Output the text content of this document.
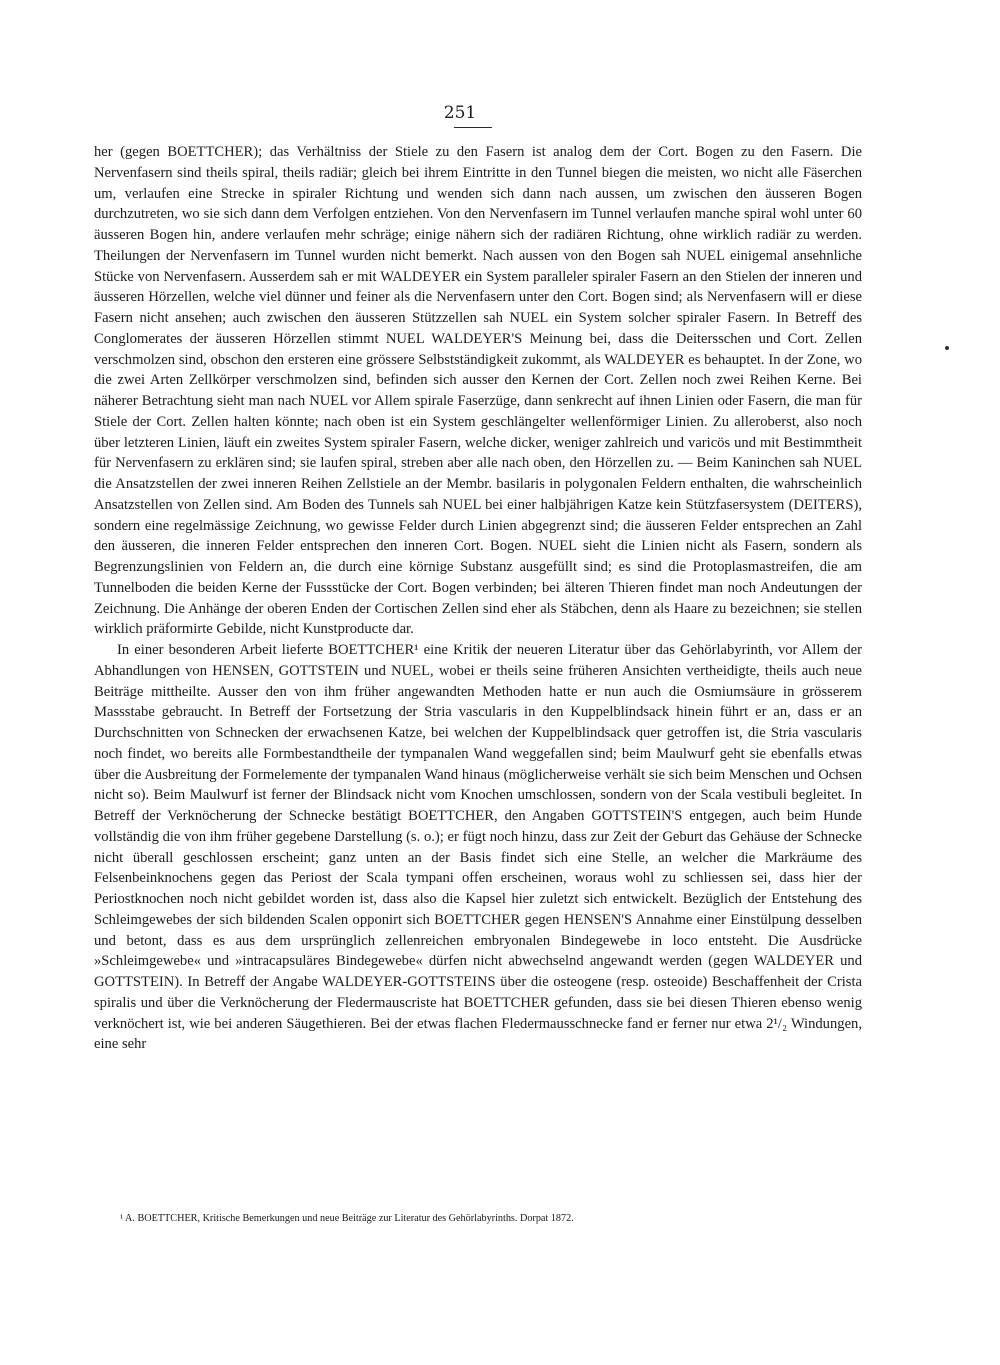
251

her (gegen BOETTCHER); das Verhältniss der Stiele zu den Fasern ist analog dem der Cort. Bogen zu den Fasern. Die Nervenfasern sind theils spiral, theils radiär; gleich bei ihrem Eintritte in den Tunnel biegen die meisten, wo nicht alle Fäserchen um, verlaufen eine Strecke in spiraler Richtung und wenden sich dann nach aussen, um zwischen den äusseren Bogen durchzutreten, wo sie sich dann dem Verfolgen entziehen. Von den Nervenfasern im Tunnel verlaufen manche spiral wohl unter 60 äusseren Bogen hin, andere verlaufen mehr schräge; einige nähern sich der radiären Richtung, ohne wirklich radiär zu werden. Theilungen der Nervenfasern im Tunnel wurden nicht bemerkt. Nach aussen von den Bogen sah NUEL einigemal ansehnliche Stücke von Nervenfasern. Ausserdem sah er mit WALDEYER ein System paralleler spiraler Fasern an den Stielen der inneren und äusseren Hörzellen, welche viel dünner und feiner als die Nervenfasern unter den Cort. Bogen sind; als Nervenfasern will er diese Fasern nicht ansehen; auch zwischen den äusseren Stützzellen sah NUEL ein System solcher spiraler Fasern. In Betreff des Conglomerates der äusseren Hörzellen stimmt NUEL WALDEYER'S Meinung bei, dass die Deitersschen und Cort. Zellen verschmolzen sind, obschon den ersteren eine grössere Selbstständigkeit zukommt, als WALDEYER es behauptet. In der Zone, wo die zwei Arten Zellkörper verschmolzen sind, befinden sich ausser den Kernen der Cort. Zellen noch zwei Reihen Kerne. Bei näherer Betrachtung sieht man nach NUEL vor Allem spirale Faserzüge, dann senkrecht auf ihnen Linien oder Fasern, die man für Stiele der Cort. Zellen halten könnte; nach oben ist ein System geschlängelter wellenförmiger Linien. Zu alleroberst, also noch über letzteren Linien, läuft ein zweites System spiraler Fasern, welche dicker, weniger zahlreich und varicös und mit Bestimmtheit für Nervenfasern zu erklären sind; sie laufen spiral, streben aber alle nach oben, den Hörzellen zu. — Beim Kaninchen sah NUEL die Ansatzstellen der zwei inneren Reihen Zellstiele an der Membr. basilaris in polygonalen Feldern enthalten, die wahrscheinlich Ansatzstellen von Zellen sind. Am Boden des Tunnels sah NUEL bei einer halbjährigen Katze kein Stützfasersystem (DEITERS), sondern eine regelmässige Zeichnung, wo gewisse Felder durch Linien abgegrenzt sind; die äusseren Felder entsprechen an Zahl den äusseren, die inneren Felder entsprechen den inneren Cort. Bogen. NUEL sieht die Linien nicht als Fasern, sondern als Begrenzungslinien von Feldern an, die durch eine körnige Substanz ausgefüllt sind; es sind die Protoplasmastreifen, die am Tunnelboden die beiden Kerne der Fussstücke der Cort. Bogen verbinden; bei älteren Thieren findet man noch Andeutungen der Zeichnung. Die Anhänge der oberen Enden der Cortischen Zellen sind eher als Stäbchen, denn als Haare zu bezeichnen; sie stellen wirklich präformirte Gebilde, nicht Kunstproducte dar.

In einer besonderen Arbeit lieferte BOETTCHER¹ eine Kritik der neueren Literatur über das Gehörlabyrinth, vor Allem der Abhandlungen von HENSEN, GOTTSTEIN und NUEL, wobei er theils seine früheren Ansichten vertheidigte, theils auch neue Beiträge mittheilte. Ausser den von ihm früher angewandten Methoden hatte er nun auch die Osmiumsäure in grösserem Massstabe gebraucht. In Betreff der Fortsetzung der Stria vascularis in den Kuppelblindsack hinein führt er an, dass er an Durchschnitten von Schnecken der erwachsenen Katze, bei welchen der Kuppelblindsack quer getroffen ist, die Stria vascularis noch findet, wo bereits alle Formbestandtheile der tympanalen Wand weggefallen sind; beim Maulwurf geht sie ebenfalls etwas über die Ausbreitung der Formelemente der tympanalen Wand hinaus (möglicherweise verhält sie sich beim Menschen und Ochsen nicht so). Beim Maulwurf ist ferner der Blindsack nicht vom Knochen umschlossen, sondern von der Scala vestibuli begleitet. In Betreff der Verknöcherung der Schnecke bestätigt BOETTCHER, den Angaben GOTTSTEIN'S entgegen, auch beim Hunde vollständig die von ihm früher gegebene Darstellung (s. o.); er fügt noch hinzu, dass zur Zeit der Geburt das Gehäuse der Schnecke nicht überall geschlossen erscheint; ganz unten an der Basis findet sich eine Stelle, an welcher die Markräume des Felsenbeinknochens gegen das Periost der Scala tympani offen erscheinen, woraus wohl zu schliessen sei, dass hier der Periostknochen noch nicht gebildet worden ist, dass also die Kapsel hier zuletzt sich entwickelt. Bezüglich der Entstehung des Schleimgewebes der sich bildenden Scalen opponirt sich BOETTCHER gegen HENSEN'S Annahme einer Einstülpung desselben und betont, dass es aus dem ursprünglich zellenreichen embryonalen Bindegewebe in loco entsteht. Die Ausdrücke »Schleimgewebe« und »intracapsuläres Bindegewebe« dürfen nicht abwechselnd angewandt werden (gegen WALDEYER und GOTTSTEIN). In Betreff der Angabe WALDEYER-GOTTSTEINS über die osteogene (resp. osteoide) Beschaffenheit der Crista spiralis und über die Verknöcherung der Fledermauscriste hat BOETTCHER gefunden, dass sie bei diesen Thieren ebenso wenig verknöchert ist, wie bei anderen Säugethieren. Bei der etwas flachen Fledermausschnecke fand er ferner nur etwa 2¹/₂ Windungen, eine sehr

¹ A. BOETTCHER, Kritische Bemerkungen und neue Beiträge zur Literatur des Gehörlabyrinths. Dorpat 1872.
